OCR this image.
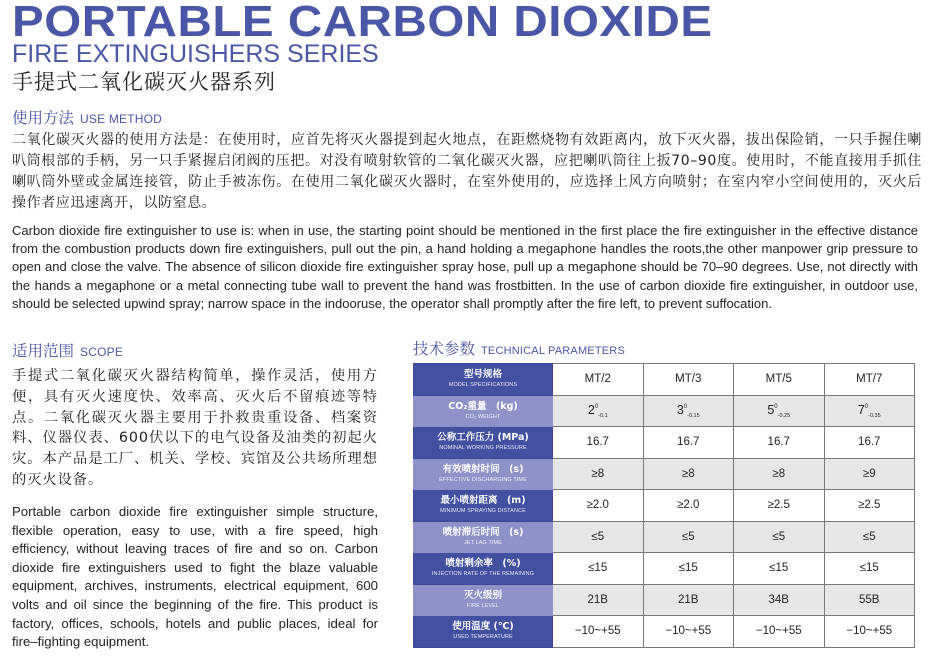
PORTABLE CARBON DIOXIDE
FIRE EXTINGUISHERS SERIES
手提式二氧化碳灭火器系列
使用方法 USE METHOD
二氧化碳灭火器的使用方法是：在使用时，应首先将灭火器提到起火地点，在距燃烧物有效距离内，放下灭火器，拔出保险销，一只手握住喇叭筒根部的手柄，另一只手紧握启闭阀的压把。对没有喷射软管的二氧化碳灭火器，应把喇叭筒往上扳70–90度。使用时，不能直接用手抓住喇叭筒外壁或金属连接管，防止手被冻伤。在使用二氧化碳灭火器时，在室外使用的，应选择上风方向喷射；在室内窄小空间使用的，灭火后操作者应迅速离开，以防窒息。
Carbon dioxide fire extinguisher to use is: when in use, the starting point should be mentioned in the first place the fire extinguisher in the effective distance from the combustion products down fire extinguishers, pull out the pin, a hand holding a megaphone handles the roots,the other manpower grip pressure to open and close the valve. The absence of silicon dioxide fire extinguisher spray hose, pull up a megaphone should be 70–90 degrees. Use, not directly with the hands a megaphone or a metal connecting tube wall to prevent the hand was frostbitten. In the use of carbon dioxide fire extinguisher, in outdoor use, should be selected upwind spray; narrow space in the indooruse, the operator shall promptly after the fire left, to prevent suffocation.
适用范围 SCOPE
手提式二氧化碳灭火器结构简单，操作灵活，使用方便，具有灭火速度快、效率高、灭火后不留痕迹等特点。二氧化碳灭火器主要用于扑救贵重设备、档案资料、仪器仪表、600伏以下的电气设备及油类的初起火灾。本产品是工厂、机关、学校、宾馆及公共场所理想的灭火设备。
Portable carbon dioxide fire extinguisher simple structure, flexible operation, easy to use, with a fire speed, high efficiency, without leaving traces of fire and so on. Carbon dioxide fire extinguishers used to fight the blaze valuable equipment, archives, instruments, electrical equipment, 600 volts and oil since the beginning of the fire. This product is factory, offices, schools, hotels and public places, ideal for fire–fighting equipment.
技术参数 TECHNICAL PARAMETERS
型号规格
MODEL SPECIFICATIONS	MT/2	MT/3	MT/5	MT/7

CO₂重量　(kg)
CO₂ WEIGHT	$2^0_{-0.1}$	$3^0_{-0.15}$	$5^0_{-0.25}$	$7^0_{-0.35}$

公称工作压力 (MPa)
NOMINAL WORKING PRESSURE	16.7	16.7	16.7	16.7

有效喷射时间　(s)
EFFECTIVE DISCHARGING TIME	≥8	≥8	≥8	≥9

最小喷射距离　(m)
MINIMUM SPRAYING DISTANCE	≥2.0	≥2.0	≥2.5	≥2.5

喷射滞后时间　(s)
JET LAG TIME	≤5	≤5	≤5	≤5

喷射剩余率　(%)
INJECTION RATE OF THE REMAINING	≤15	≤15	≤15	≤15

灭火级别
FIRE LEVEL	21B	21B	34B	55B

使用温度 (℃)
USED TEMPERATURE	−10~+55	−10~+55	−10~+55	−10~+55
